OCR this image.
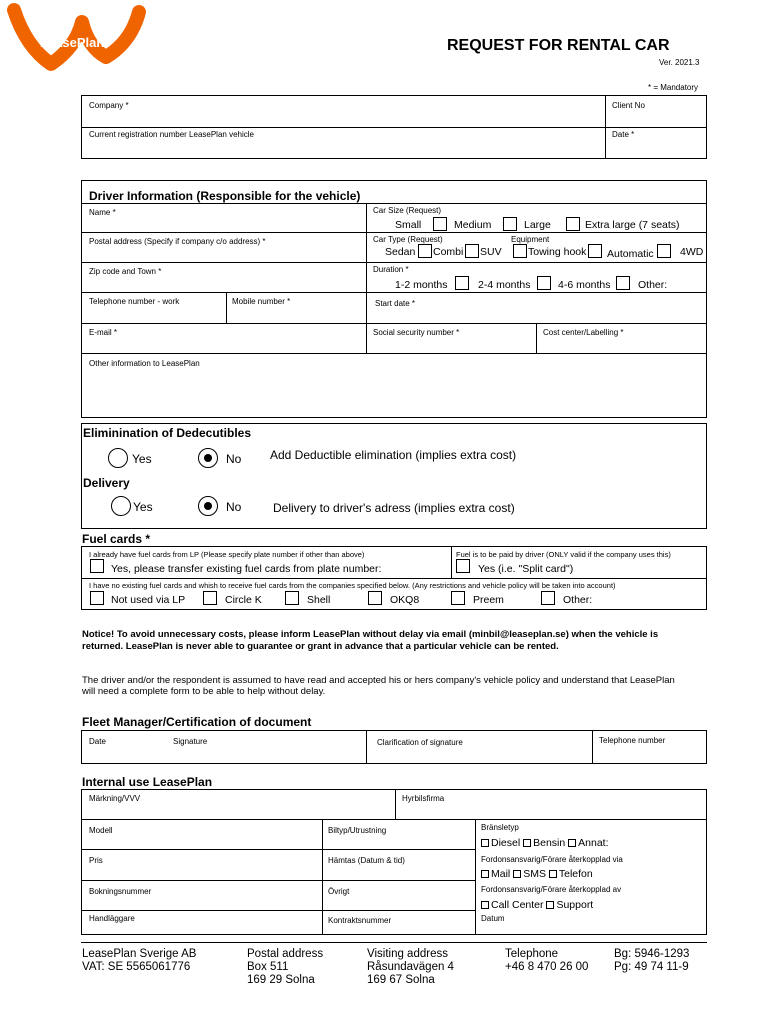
LeasePlan	REQUEST FOR RENTAL CAR
Ver. 2021.3
* = Mandatory
Company *	Client No
Current registration number LeasePlan vehicle	Date *
Driver Information (Responsible for the vehicle)
Name *	Car Size (Request)
Small	Medium	Large	Extra large (7 seats)
Postal address (Specify if company c/o address) *	Car Type (Request)	Equipment
Sedan Combi SUV	Towing hook Automatic	4WD
Zip code and Town *	Duration *
1-2 months	2-4 months	4-6 months	Other:
Telephone number - work	Mobile number *	Start date *
E-mail *	Social security number *	Cost center/Labelling *
Other information to LeasePlan
Eliminination of Dedecutibles
Yes	No Add Deductible elimination (implies extra cost)
Delivery
Yes	No	Delivery to driver's adress (implies extra cost)
Fuel cards *
I already have fuel cards from LP (Please specify plate number if other than above)	Fuel is to be paid by driver (ONLY valid if the company uses this)
Yes, please transfer existing fuel cards from plate number:	Yes (i.e. "Split card")
I have no existing fuel cards and whish to receive fuel cards from the companies specified below. (Any restrictions and vehicle policy will be taken into account)
Not used via LP	Circle K	Shell	OKQ8	Preem	Other:
Notice! To avoid unnecessary costs, please inform LeasePlan without delay via email (minbil@leaseplan.se) when the vehicle is
returned. LeasePlan is never able to guarantee or grant in advance that a particular vehicle can be rented.
The driver and/or the respondent is assumed to have read and accepted his or hers company's vehicle policy and understand that LeasePlan
will need a complete form to be able to help without delay.
Fleet Manager/Certification of document
Date	Signature	Clarification of signature	Telephone number
Internal use LeasePlan
Märkning/VVV	Hyrbilsfirma
Modell	Biltyp/Utrustning	Bränsletyp
Diesel Bensin Annat:
Pris	Hämtas (Datum & tid)	Fordonsansvarig/Förare återkopplad via
Mail SMS Telefon
Bokningsnummer	Övrigt	Fordonsansvarig/Förare återkopplad av
Call Center Support
Handläggare	Kontraktsnummer	Datum
LeasePlan Sverige AB
VAT: SE 5565061776
Postal address
Box 511
169 29 Solna
Visiting address
Råsundavägen 4
169 67 Solna
Telephone
+46 8 470 26 00
Bg: 5946-1293
Pg: 49 74 11-9
